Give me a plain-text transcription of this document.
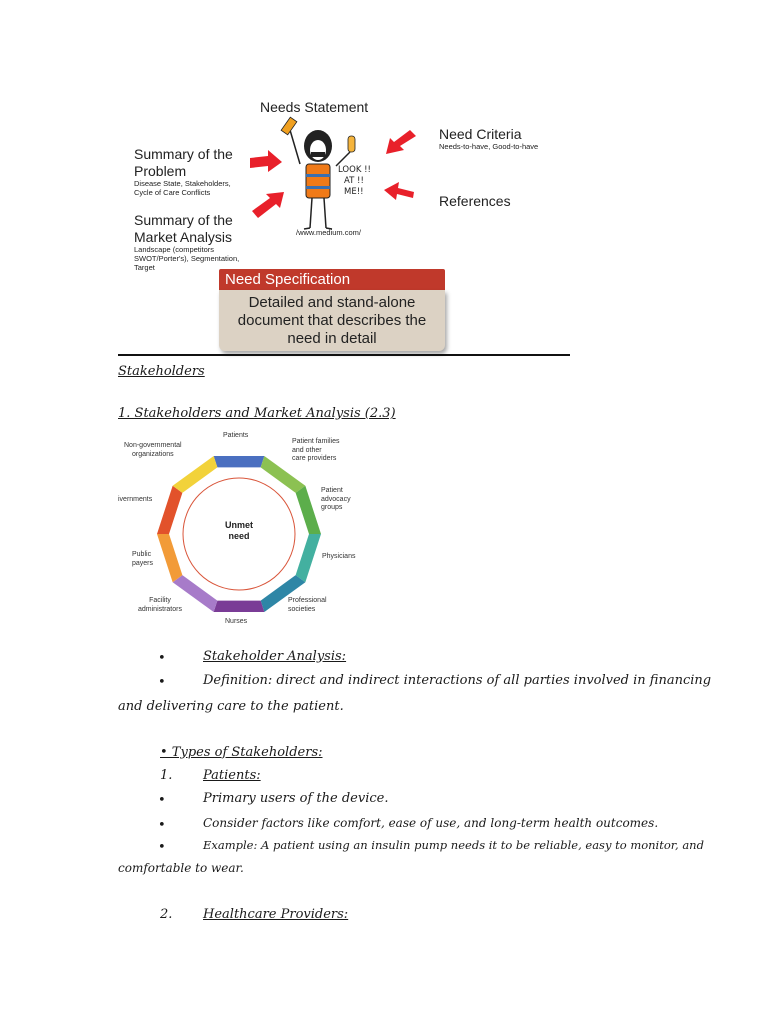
Needs Statement
Need Criteria
Needs-to-have, Good-to-have
Summary of the
Problem
Disease State, Stakeholders,
Cycle of Care Conflicts
Summary of the
Market Analysis
Landscape (competitors
SWOT/Porter's), Segmentation,
Target
References
LOOK !!
AT !!
ME!!
/www.medium.com/
Need Specification
Detailed and stand-alone
document that describes the
need in detail
Stakeholders
1. Stakeholders and Market Analysis (2.3)
Unmet
need
Patients
Patient families
and other
care providers
Patient
advocacy
groups
Physicians
Professional
societies
Nurses
Facility
administrators
Public
payers
ivernments
Non-governmental
organizations
•	Stakeholder Analysis:
•	Definition: direct and indirect interactions of all parties involved in financing
and delivering care to the patient.
• Types of Stakeholders:
1. Patients:
•	Primary users of the device.
•	Consider factors like comfort, ease of use, and long-term health outcomes.
•	Example: A patient using an insulin pump needs it to be reliable, easy to monitor, and
comfortable to wear.
2. Healthcare Providers:
